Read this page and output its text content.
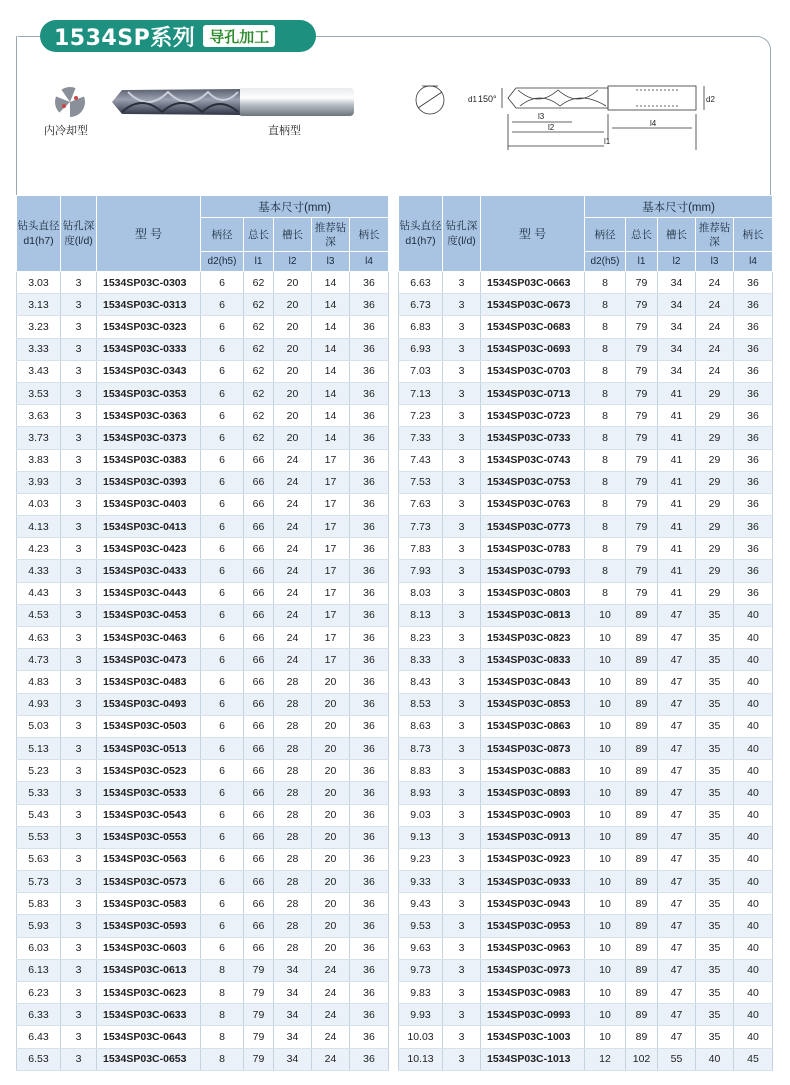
1534SP系列 导孔加工
内冷却型	直柄型
150°
d1	d2
l3
l2	l4
l1
钻头直径d1(h7)	钻孔深度(l/d)	型 号	基本尺寸(mm)				
			柄径	总长	槽长	推荐钻深	柄长
			d2(h5)	l1	l2	l3	l4
3.03	3	1534SP03C-0303	6	62	20	14	36
3.13	3	1534SP03C-0313	6	62	20	14	36
3.23	3	1534SP03C-0323	6	62	20	14	36
3.33	3	1534SP03C-0333	6	62	20	14	36
3.43	3	1534SP03C-0343	6	62	20	14	36
3.53	3	1534SP03C-0353	6	62	20	14	36
3.63	3	1534SP03C-0363	6	62	20	14	36
3.73	3	1534SP03C-0373	6	62	20	14	36
3.83	3	1534SP03C-0383	6	66	24	17	36
3.93	3	1534SP03C-0393	6	66	24	17	36
4.03	3	1534SP03C-0403	6	66	24	17	36
4.13	3	1534SP03C-0413	6	66	24	17	36
4.23	3	1534SP03C-0423	6	66	24	17	36
4.33	3	1534SP03C-0433	6	66	24	17	36
4.43	3	1534SP03C-0443	6	66	24	17	36
4.53	3	1534SP03C-0453	6	66	24	17	36
4.63	3	1534SP03C-0463	6	66	24	17	36
4.73	3	1534SP03C-0473	6	66	24	17	36
4.83	3	1534SP03C-0483	6	66	28	20	36
4.93	3	1534SP03C-0493	6	66	28	20	36
5.03	3	1534SP03C-0503	6	66	28	20	36
5.13	3	1534SP03C-0513	6	66	28	20	36
5.23	3	1534SP03C-0523	6	66	28	20	36
5.33	3	1534SP03C-0533	6	66	28	20	36
5.43	3	1534SP03C-0543	6	66	28	20	36
5.53	3	1534SP03C-0553	6	66	28	20	36
5.63	3	1534SP03C-0563	6	66	28	20	36
5.73	3	1534SP03C-0573	6	66	28	20	36
5.83	3	1534SP03C-0583	6	66	28	20	36
5.93	3	1534SP03C-0593	6	66	28	20	36
6.03	3	1534SP03C-0603	6	66	28	20	36
6.13	3	1534SP03C-0613	8	79	34	24	36
6.23	3	1534SP03C-0623	8	79	34	24	36
6.33	3	1534SP03C-0633	8	79	34	24	36
6.43	3	1534SP03C-0643	8	79	34	24	36
6.53	3	1534SP03C-0653	8	79	34	24	36
钻头直径d1(h7)	钻孔深度(l/d)	型 号	基本尺寸(mm)				
			柄径	总长	槽长	推荐钻深	柄长
			d2(h5)	l1	l2	l3	l4
6.63	3	1534SP03C-0663	8	79	34	24	36
6.73	3	1534SP03C-0673	8	79	34	24	36
6.83	3	1534SP03C-0683	8	79	34	24	36
6.93	3	1534SP03C-0693	8	79	34	24	36
7.03	3	1534SP03C-0703	8	79	34	24	36
7.13	3	1534SP03C-0713	8	79	41	29	36
7.23	3	1534SP03C-0723	8	79	41	29	36
7.33	3	1534SP03C-0733	8	79	41	29	36
7.43	3	1534SP03C-0743	8	79	41	29	36
7.53	3	1534SP03C-0753	8	79	41	29	36
7.63	3	1534SP03C-0763	8	79	41	29	36
7.73	3	1534SP03C-0773	8	79	41	29	36
7.83	3	1534SP03C-0783	8	79	41	29	36
7.93	3	1534SP03C-0793	8	79	41	29	36
8.03	3	1534SP03C-0803	8	79	41	29	36
8.13	3	1534SP03C-0813	10	89	47	35	40
8.23	3	1534SP03C-0823	10	89	47	35	40
8.33	3	1534SP03C-0833	10	89	47	35	40
8.43	3	1534SP03C-0843	10	89	47	35	40
8.53	3	1534SP03C-0853	10	89	47	35	40
8.63	3	1534SP03C-0863	10	89	47	35	40
8.73	3	1534SP03C-0873	10	89	47	35	40
8.83	3	1534SP03C-0883	10	89	47	35	40
8.93	3	1534SP03C-0893	10	89	47	35	40
9.03	3	1534SP03C-0903	10	89	47	35	40
9.13	3	1534SP03C-0913	10	89	47	35	40
9.23	3	1534SP03C-0923	10	89	47	35	40
9.33	3	1534SP03C-0933	10	89	47	35	40
9.43	3	1534SP03C-0943	10	89	47	35	40
9.53	3	1534SP03C-0953	10	89	47	35	40
9.63	3	1534SP03C-0963	10	89	47	35	40
9.73	3	1534SP03C-0973	10	89	47	35	40
9.83	3	1534SP03C-0983	10	89	47	35	40
9.93	3	1534SP03C-0993	10	89	47	35	40
10.03	3	1534SP03C-1003	10	89	47	35	40
10.13	3	1534SP03C-1013	12	102	55	40	45
